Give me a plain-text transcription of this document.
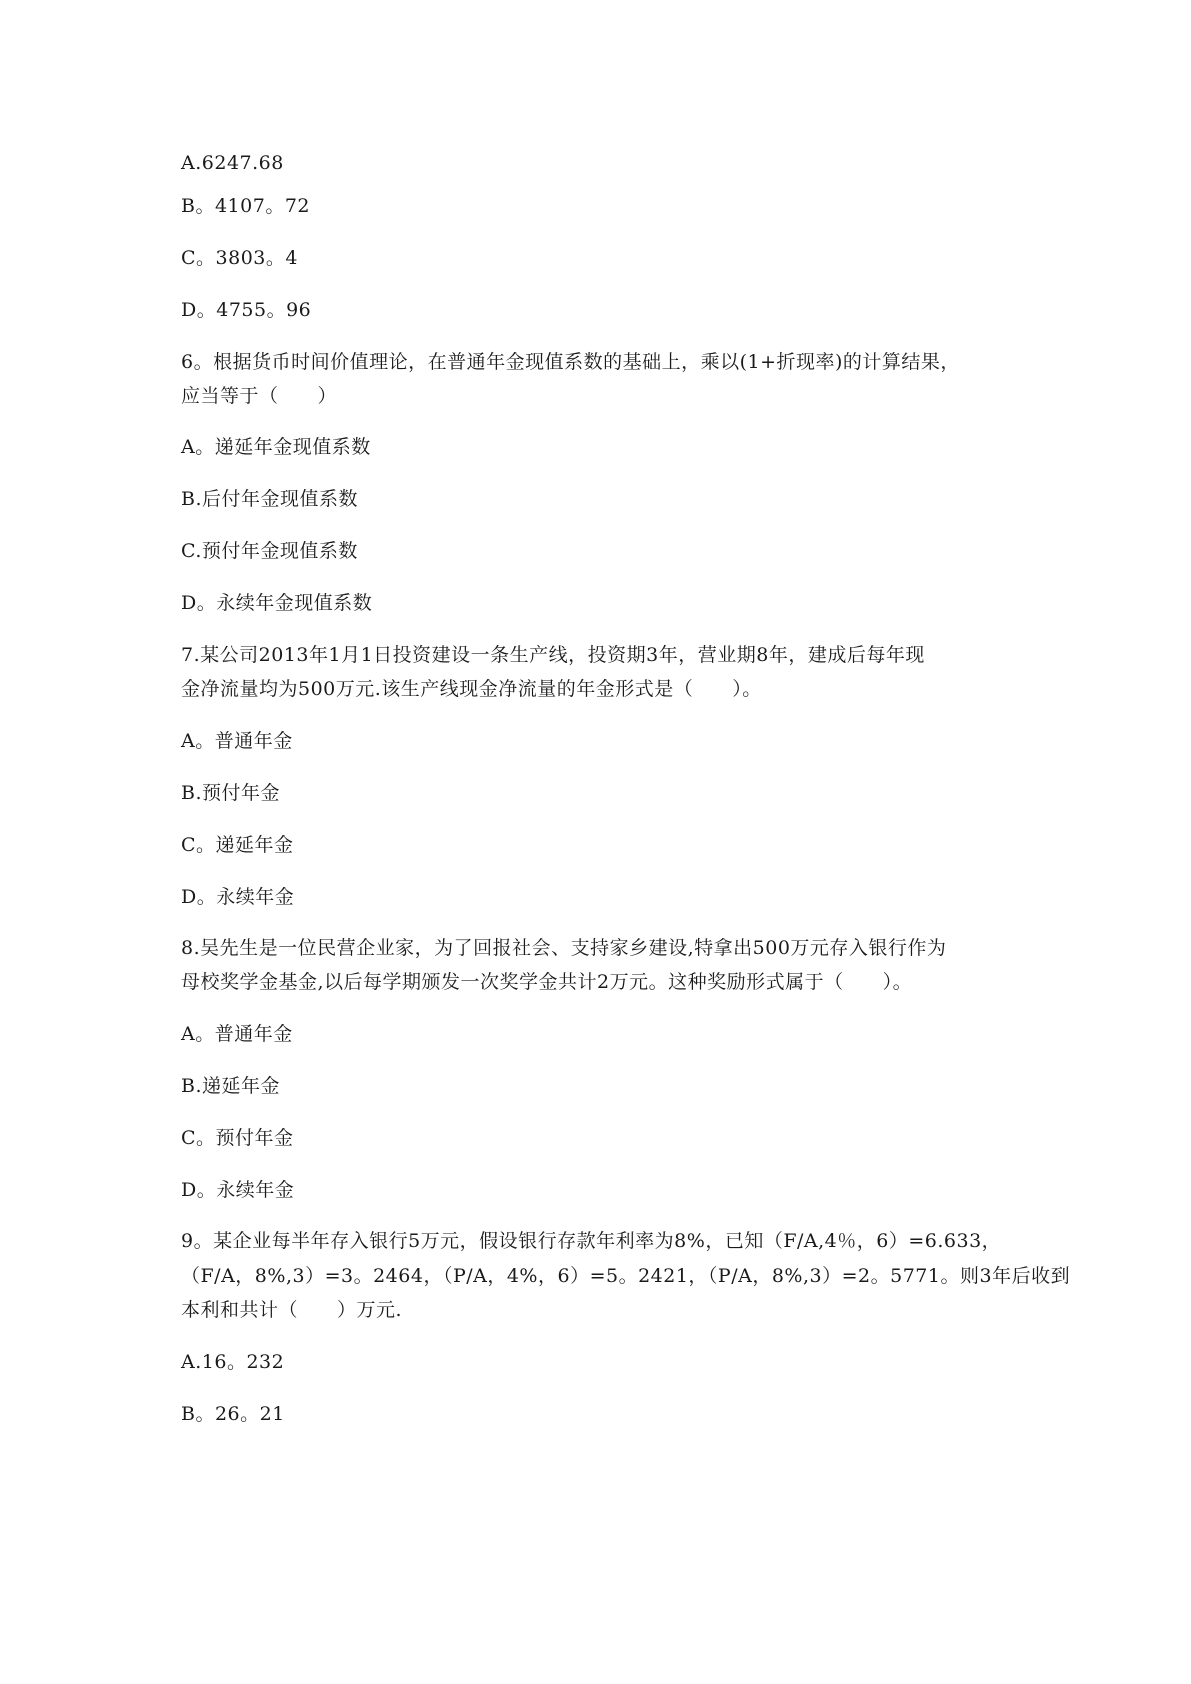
A.6247.68
B。4107。72
C。3803。4
D。4755。96
6。根据货币时间价值理论，在普通年金现值系数的基础上，乘以(1+折现率)的计算结果，
应当等于（　　）
A。递延年金现值系数
B.后付年金现值系数
C.预付年金现值系数
D。永续年金现值系数
7.某公司2013年1月1日投资建设一条生产线，投资期3年，营业期8年，建成后每年现
金净流量均为500万元.该生产线现金净流量的年金形式是（　　）。
A。普通年金
B.预付年金
C。递延年金
D。永续年金
8.吴先生是一位民营企业家，为了回报社会、支持家乡建设,特拿出500万元存入银行作为
母校奖学金基金,以后每学期颁发一次奖学金共计2万元。这种奖励形式属于（　　）。
A。普通年金
B.递延年金
C。预付年金
D。永续年金
9。某企业每半年存入银行5万元，假设银行存款年利率为8%，已知（F/A,4％，6）=6.633，
（F/A，8%,3）=3。2464，（P/A，4%，6）=5。2421，（P/A，8%,3）=2。5771。则3年后收到
本利和共计（　　）万元.
A.16。232
B。26。21
